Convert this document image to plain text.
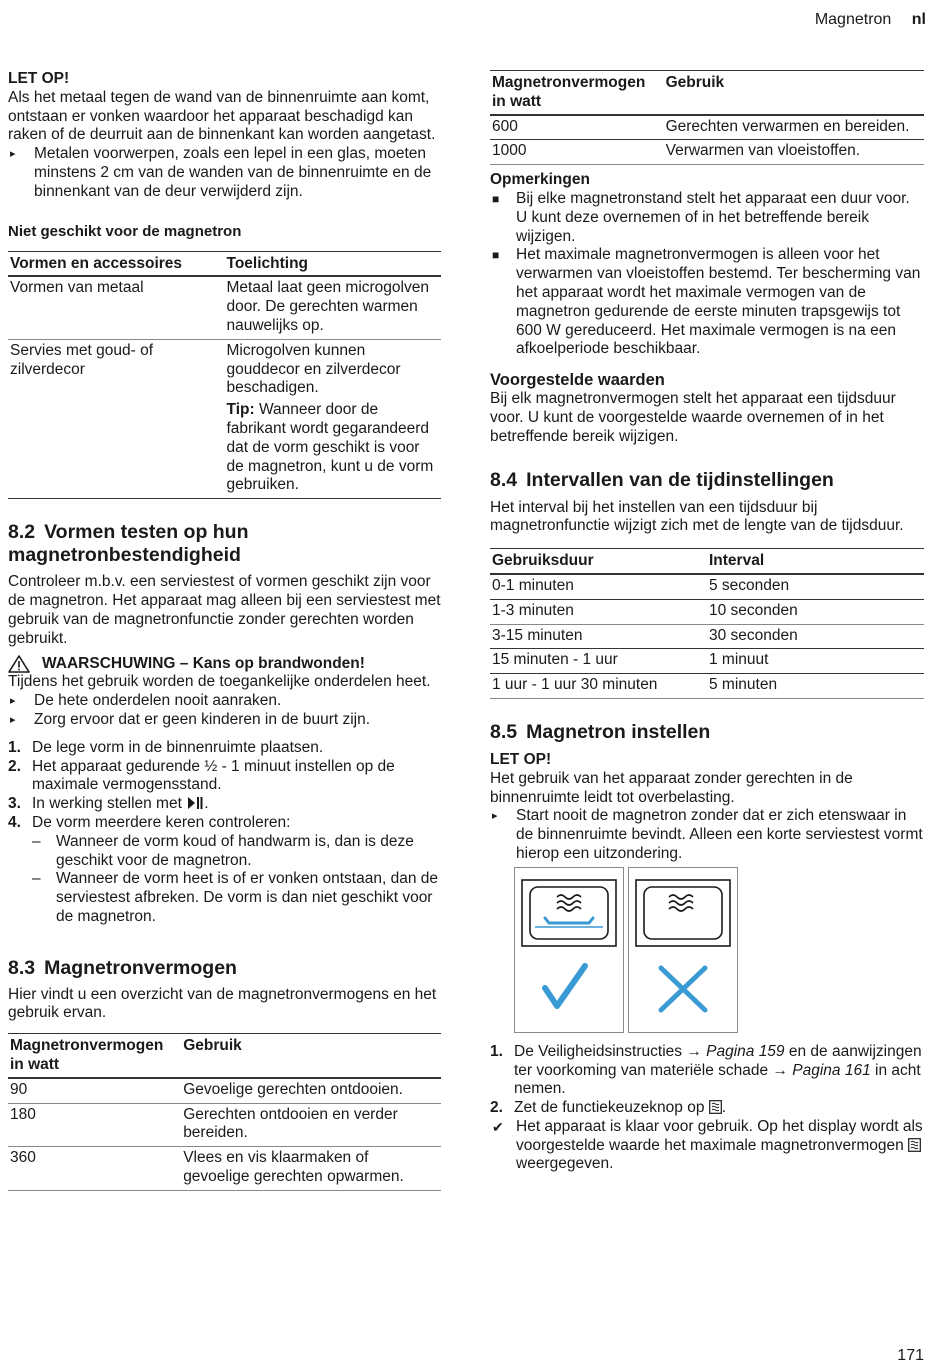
Magnetron nl

LET OP!

Als het metaal tegen de wand van de binnenruimte aan komt, ontstaan er vonken waardoor het apparaat beschadigd kan raken of de deurruit aan de binnenkant kan worden aangetast.

▸	Metalen voorwerpen, zoals een lepel in een glas, moeten minstens 2 cm van de wanden van de binnenruimte en de binnenkant van de deur verwijderd zijn.

Niet geschikt voor de magnetron

Vormen en accessoires	Toelichting
Vormen van metaal	Metaal laat geen microgolven door. De gerechten warmen nauwelijks op.
Servies met goud- of zilverdecor	Microgolven kunnen gouddecor en zilverdecor beschadigen.
Tip: Wanneer door de fabrikant wordt gegarandeerd dat de vorm geschikt is voor de magnetron, kunt u de vorm gebruiken.
8.2 Vormen testen op hun magnetronbestendigheid

Controleer m.b.v. een serviestest of vormen geschikt zijn voor de magnetron. Het apparaat mag alleen bij een serviestest met gebruik van de magnetronfunctie zonder gerechten worden gebruikt.

WAARSCHUWING – Kans op brandwonden!

Tijdens het gebruik worden de toegankelijke onderdelen heet.

▸	De hete onderdelen nooit aanraken.
▸	Zorg ervoor dat er geen kinderen in de buurt zijn.
1. De lege vorm in de binnenruimte plaatsen.
2. Het apparaat gedurende ½ - 1 minuut instellen op de maximale vermogensstand.
3. In werking stellen met .
4. De vorm meerdere keren controleren:
– Wanneer de vorm koud of handwarm is, dan is deze geschikt voor de magnetron.
– Wanneer de vorm heet is of er vonken ontstaan, dan de serviestest afbreken. De vorm is dan niet geschikt voor de magnetron.
8.3 Magnetronvermogen

Hier vindt u een overzicht van de magnetronvermogens en het gebruik ervan.

Magnetronvermogen in watt	Gebruik
90	Gevoelige gerechten ontdooien.
180	Gerechten ontdooien en verder bereiden.
360	Vlees en vis klaarmaken of gevoelige gerechten opwarmen.
Magnetronvermogen in watt	Gebruik
600	Gerechten verwarmen en bereiden.
1000	Verwarmen van vloeistoffen.

Opmerkingen

■	Bij elke magnetronstand stelt het apparaat een duur voor. U kunt deze overnemen of in het betreffende bereik wijzigen.
■	Het maximale magnetronvermogen is alleen voor het verwarmen van vloeistoffen bestemd. Ter bescherming van het apparaat wordt het maximale vermogen van de magnetron gedurende de eerste minuten trapsgewijs tot 600 W gereduceerd. Het maximale vermogen is na een afkoelperiode beschikbaar.

Voorgestelde waarden

Bij elk magnetronvermogen stelt het apparaat een tijdsduur voor. U kunt de voorgestelde waarde overnemen of in het betreffende bereik wijzigen.

8.4 Intervallen van de tijdinstellingen

Het interval bij het instellen van een tijdsduur bij magnetronfunctie wijzigt zich met de lengte van de tijdsduur.

Gebruiksduur	Interval
0-1 minuten	5 seconden
1-3 minuten	10 seconden
3-15 minuten	30 seconden
15 minuten - 1 uur	1 minuut
1 uur - 1 uur 30 minuten	5 minuten
8.5 Magnetron instellen

LET OP!

Het gebruik van het apparaat zonder gerechten in de binnenruimte leidt tot overbelasting.

▸	Start nooit de magnetron zonder dat er zich etenswaar in de binnenruimte bevindt. Alleen een korte serviestest vormt hierop een uitzondering.
1. De Veiligheidsinstructies → Pagina 159 en de aanwijzingen ter voorkoming van materiële schade → Pagina 161 in acht nemen.
2. Zet de functiekeuzeknop op .
✔ Het apparaat is klaar voor gebruik. Op het display wordt als voorgestelde waarde het maximale magnetronvermogen  weergegeven.
171
